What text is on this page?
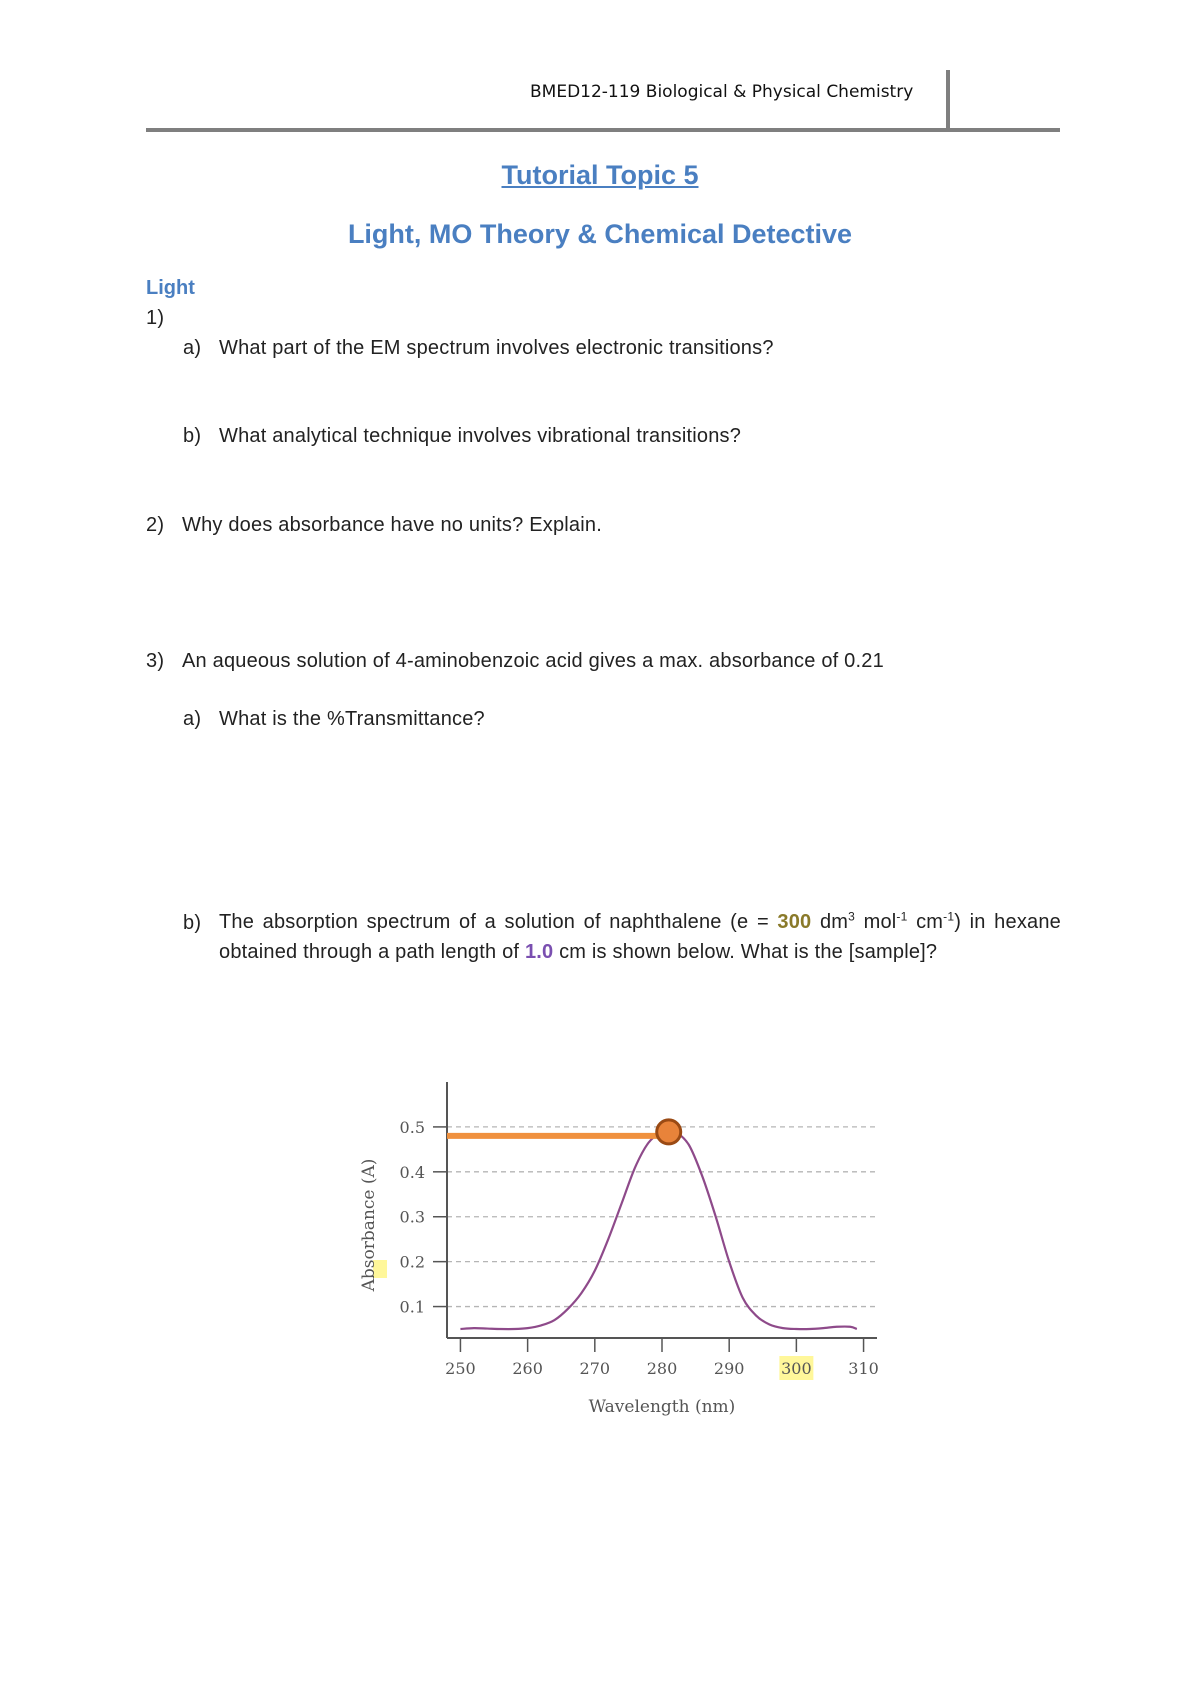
BMED12-119 Biological & Physical Chemistry
Tutorial Topic 5
Light, MO Theory & Chemical Detective
Light
1)
a) What part of the EM spectrum involves electronic transitions?
b) What analytical technique involves vibrational transitions?
2) Why does absorbance have no units? Explain.
3) An aqueous solution of 4-aminobenzoic acid gives a max. absorbance of 0.21
a) What is the %Transmittance?
b) The absorption spectrum of a solution of naphthalene (e = 300 $dm^3$ mol$^{-1}$ $cm^{-1}$) in hexane obtained through a path length of 1.0 cm is shown below. What is the [sample]?
0.1
0.2
0.3
0.4
0.5
250 260 270 280 290 300 310
Absorbance (A)
Wavelength (nm)
